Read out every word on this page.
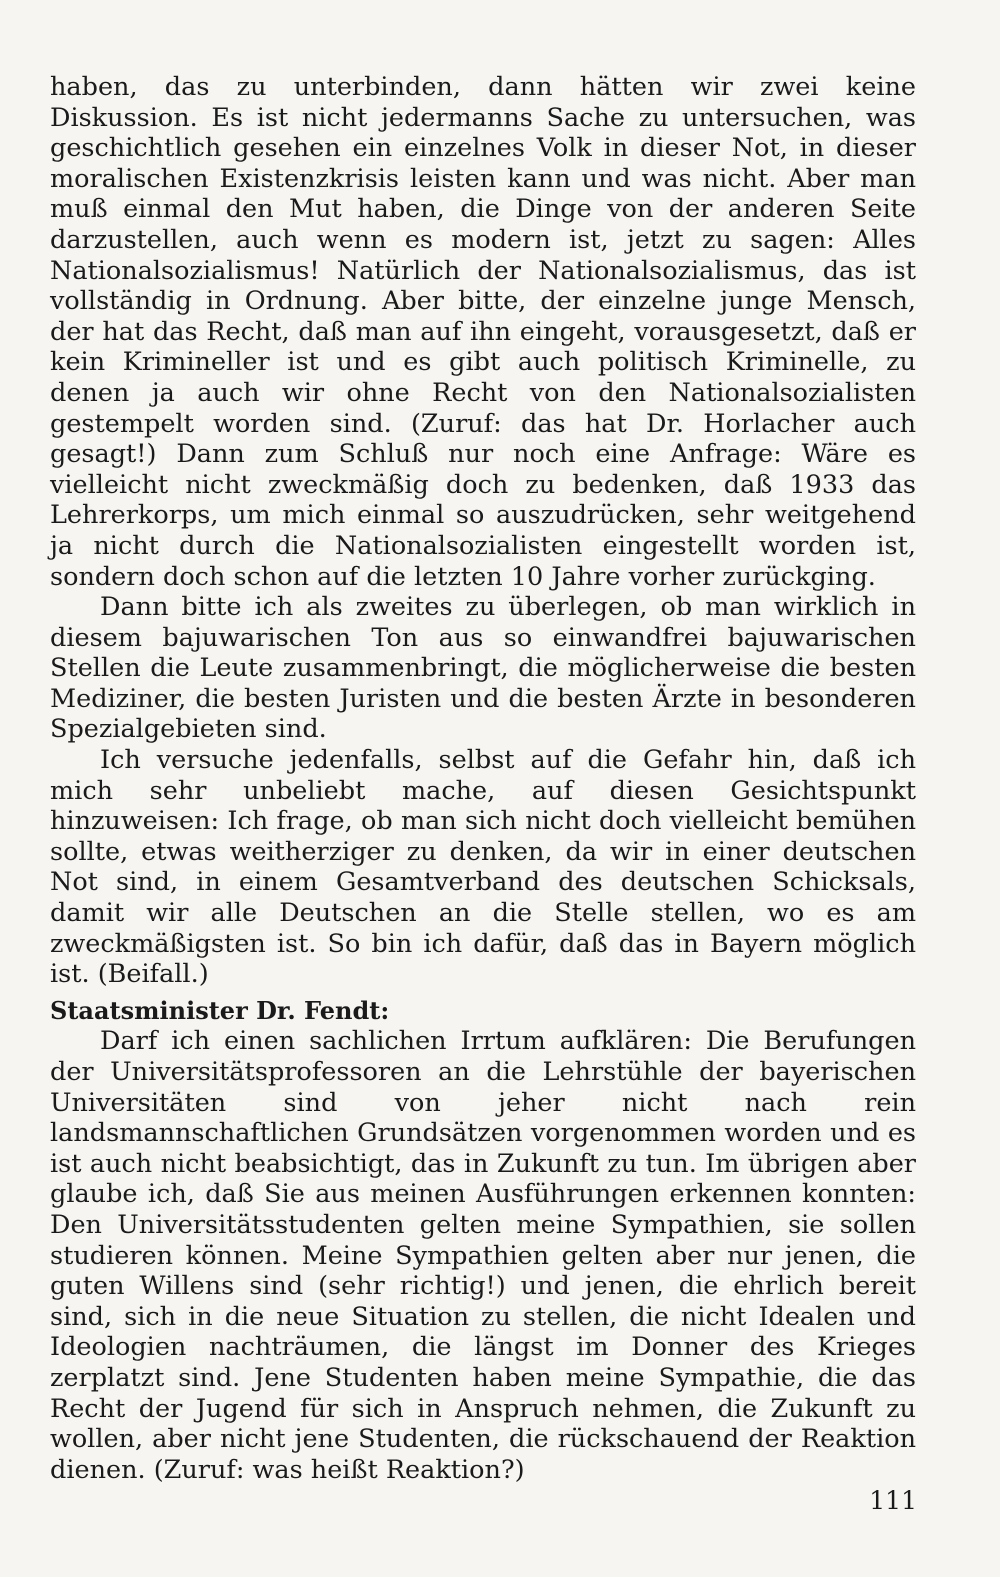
haben, das zu unterbinden, dann hätten wir zwei keine Diskussion. Es ist nicht jedermanns Sache zu untersuchen, was geschichtlich gesehen ein einzelnes Volk in dieser Not, in dieser moralischen Existenzkrisis leisten kann und was nicht. Aber man muß einmal den Mut haben, die Dinge von der anderen Seite darzustellen, auch wenn es modern ist, jetzt zu sagen: Alles Nationalsozialismus! Natürlich der Nationalsozialismus, das ist vollständig in Ordnung. Aber bitte, der einzelne junge Mensch, der hat das Recht, daß man auf ihn eingeht, vorausgesetzt, daß er kein Krimineller ist und es gibt auch politisch Kriminelle, zu denen ja auch wir ohne Recht von den Nationalsozialisten gestempelt worden sind. (Zuruf: das hat Dr. Horlacher auch gesagt!) Dann zum Schluß nur noch eine Anfrage: Wäre es vielleicht nicht zweckmäßig doch zu bedenken, daß 1933 das Lehrerkorps, um mich einmal so auszudrücken, sehr weitgehend ja nicht durch die Nationalsozialisten eingestellt worden ist, sondern doch schon auf die letzten 10 Jahre vorher zurückging.

Dann bitte ich als zweites zu überlegen, ob man wirklich in diesem bajuwarischen Ton aus so einwandfrei bajuwarischen Stellen die Leute zusammenbringt, die möglicherweise die besten Mediziner, die besten Juristen und die besten Ärzte in besonderen Spezialgebieten sind.

Ich versuche jedenfalls, selbst auf die Gefahr hin, daß ich mich sehr unbeliebt mache, auf diesen Gesichtspunkt hinzuweisen: Ich frage, ob man sich nicht doch vielleicht bemühen sollte, etwas weitherziger zu denken, da wir in einer deutschen Not sind, in einem Gesamtverband des deutschen Schicksals, damit wir alle Deutschen an die Stelle stellen, wo es am zweckmäßigsten ist. So bin ich dafür, daß das in Bayern möglich ist. (Beifall.)

Staatsminister Dr. Fendt:

Darf ich einen sachlichen Irrtum aufklären: Die Berufungen der Universitätsprofessoren an die Lehrstühle der bayerischen Universitäten sind von jeher nicht nach rein landsmannschaftlichen Grundsätzen vorgenommen worden und es ist auch nicht beabsichtigt, das in Zukunft zu tun. Im übrigen aber glaube ich, daß Sie aus meinen Ausführungen erkennen konnten: Den Universitätsstudenten gelten meine Sympathien, sie sollen studieren können. Meine Sympathien gelten aber nur jenen, die guten Willens sind (sehr richtig!) und jenen, die ehrlich bereit sind, sich in die neue Situation zu stellen, die nicht Idealen und Ideologien nachträumen, die längst im Donner des Krieges zerplatzt sind. Jene Studenten haben meine Sympathie, die das Recht der Jugend für sich in Anspruch nehmen, die Zukunft zu wollen, aber nicht jene Studenten, die rückschauend der Reaktion dienen. (Zuruf: was heißt Reaktion?)

111
